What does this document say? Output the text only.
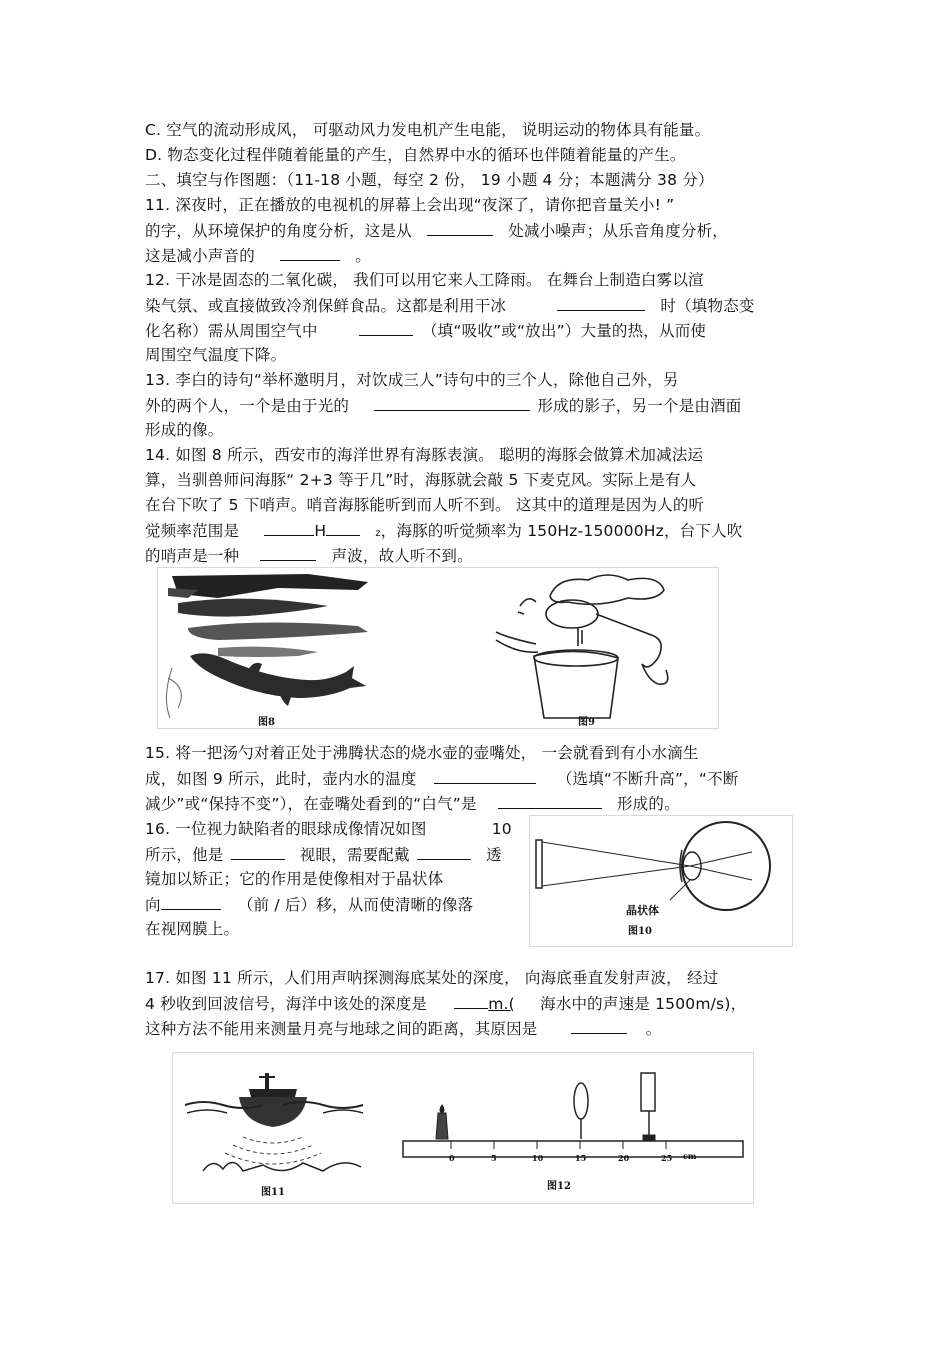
C. 空气的流动形成风， 可驱动风力发电机产生电能， 说明运动的物体具有能量。
D. 物态变化过程伴随着能量的产生，自然界中水的循环也伴随着能量的产生。
二、填空与作图题：（11-18 小题，每空 2 份， 19 小题 4 分；本题满分 38 分）
11. 深夜时，正在播放的电视机的屏幕上会出现“夜深了，请你把音量关小! ”
的字，从环境保护的角度分析，这是从	处减小噪声；从乐音角度分析，
这是减小声音的	。
12. 干冰是固态的二氧化碳， 我们可以用它来人工降雨。 在舞台上制造白雾以渲
染气氛、或直接做致冷剂保鲜食品。这都是利用干冰	时（填物态变
化名称）需从周围空气中	（填“吸收”或“放出”）大量的热，从而使
周围空气温度下降。
13. 李白的诗句“举杯邀明月，对饮成三人”诗句中的三个人，除他自己外，另
外的两个人，一个是由于光的	形成的影子，另一个是由酒面
形成的像。
14. 如图 8 所示，西安市的海洋世界有海豚表演。 聪明的海豚会做算术加减法运
算，当驯兽师问海豚“ 2+3 等于几”时，海豚就会敲 5 下麦克风。实际上是有人
在台下吹了 5 下哨声。哨音海豚能听到而人听不到。 这其中的道理是因为人的听
觉频率范围是	H	z，海豚的听觉频率为 150Hz-150000Hz，台下人吹
的哨声是一种	声波，故人听不到。
图8	图9
15. 将一把汤勺对着正处于沸腾状态的烧水壶的壶嘴处， 一会就看到有小水滴生
成，如图 9 所示，此时，壶内水的温度	（选填“不断升高”，“不断
减少”或“保持不变”），在壶嘴处看到的“白气”是	形成的。
16. 一位视力缺陷者的眼球成像情况如图	10
所示，他是	视眼，需要配戴	透
镜加以矫正；它的作用是使像相对于晶状体
向	（前 / 后）移，从而使清晰的像落
在视网膜上。
晶状体
图10
17. 如图 11 所示，人们用声呐探测海底某处的深度， 向海底垂直发射声波， 经过
4 秒收到回波信号，海洋中该处的深度是	m.( 海水中的声速是 1500m/s)，
这种方法不能用来测量月亮与地球之间的距离，其原因是	。
0	5	10	15	20	25 cm
图11
图12
